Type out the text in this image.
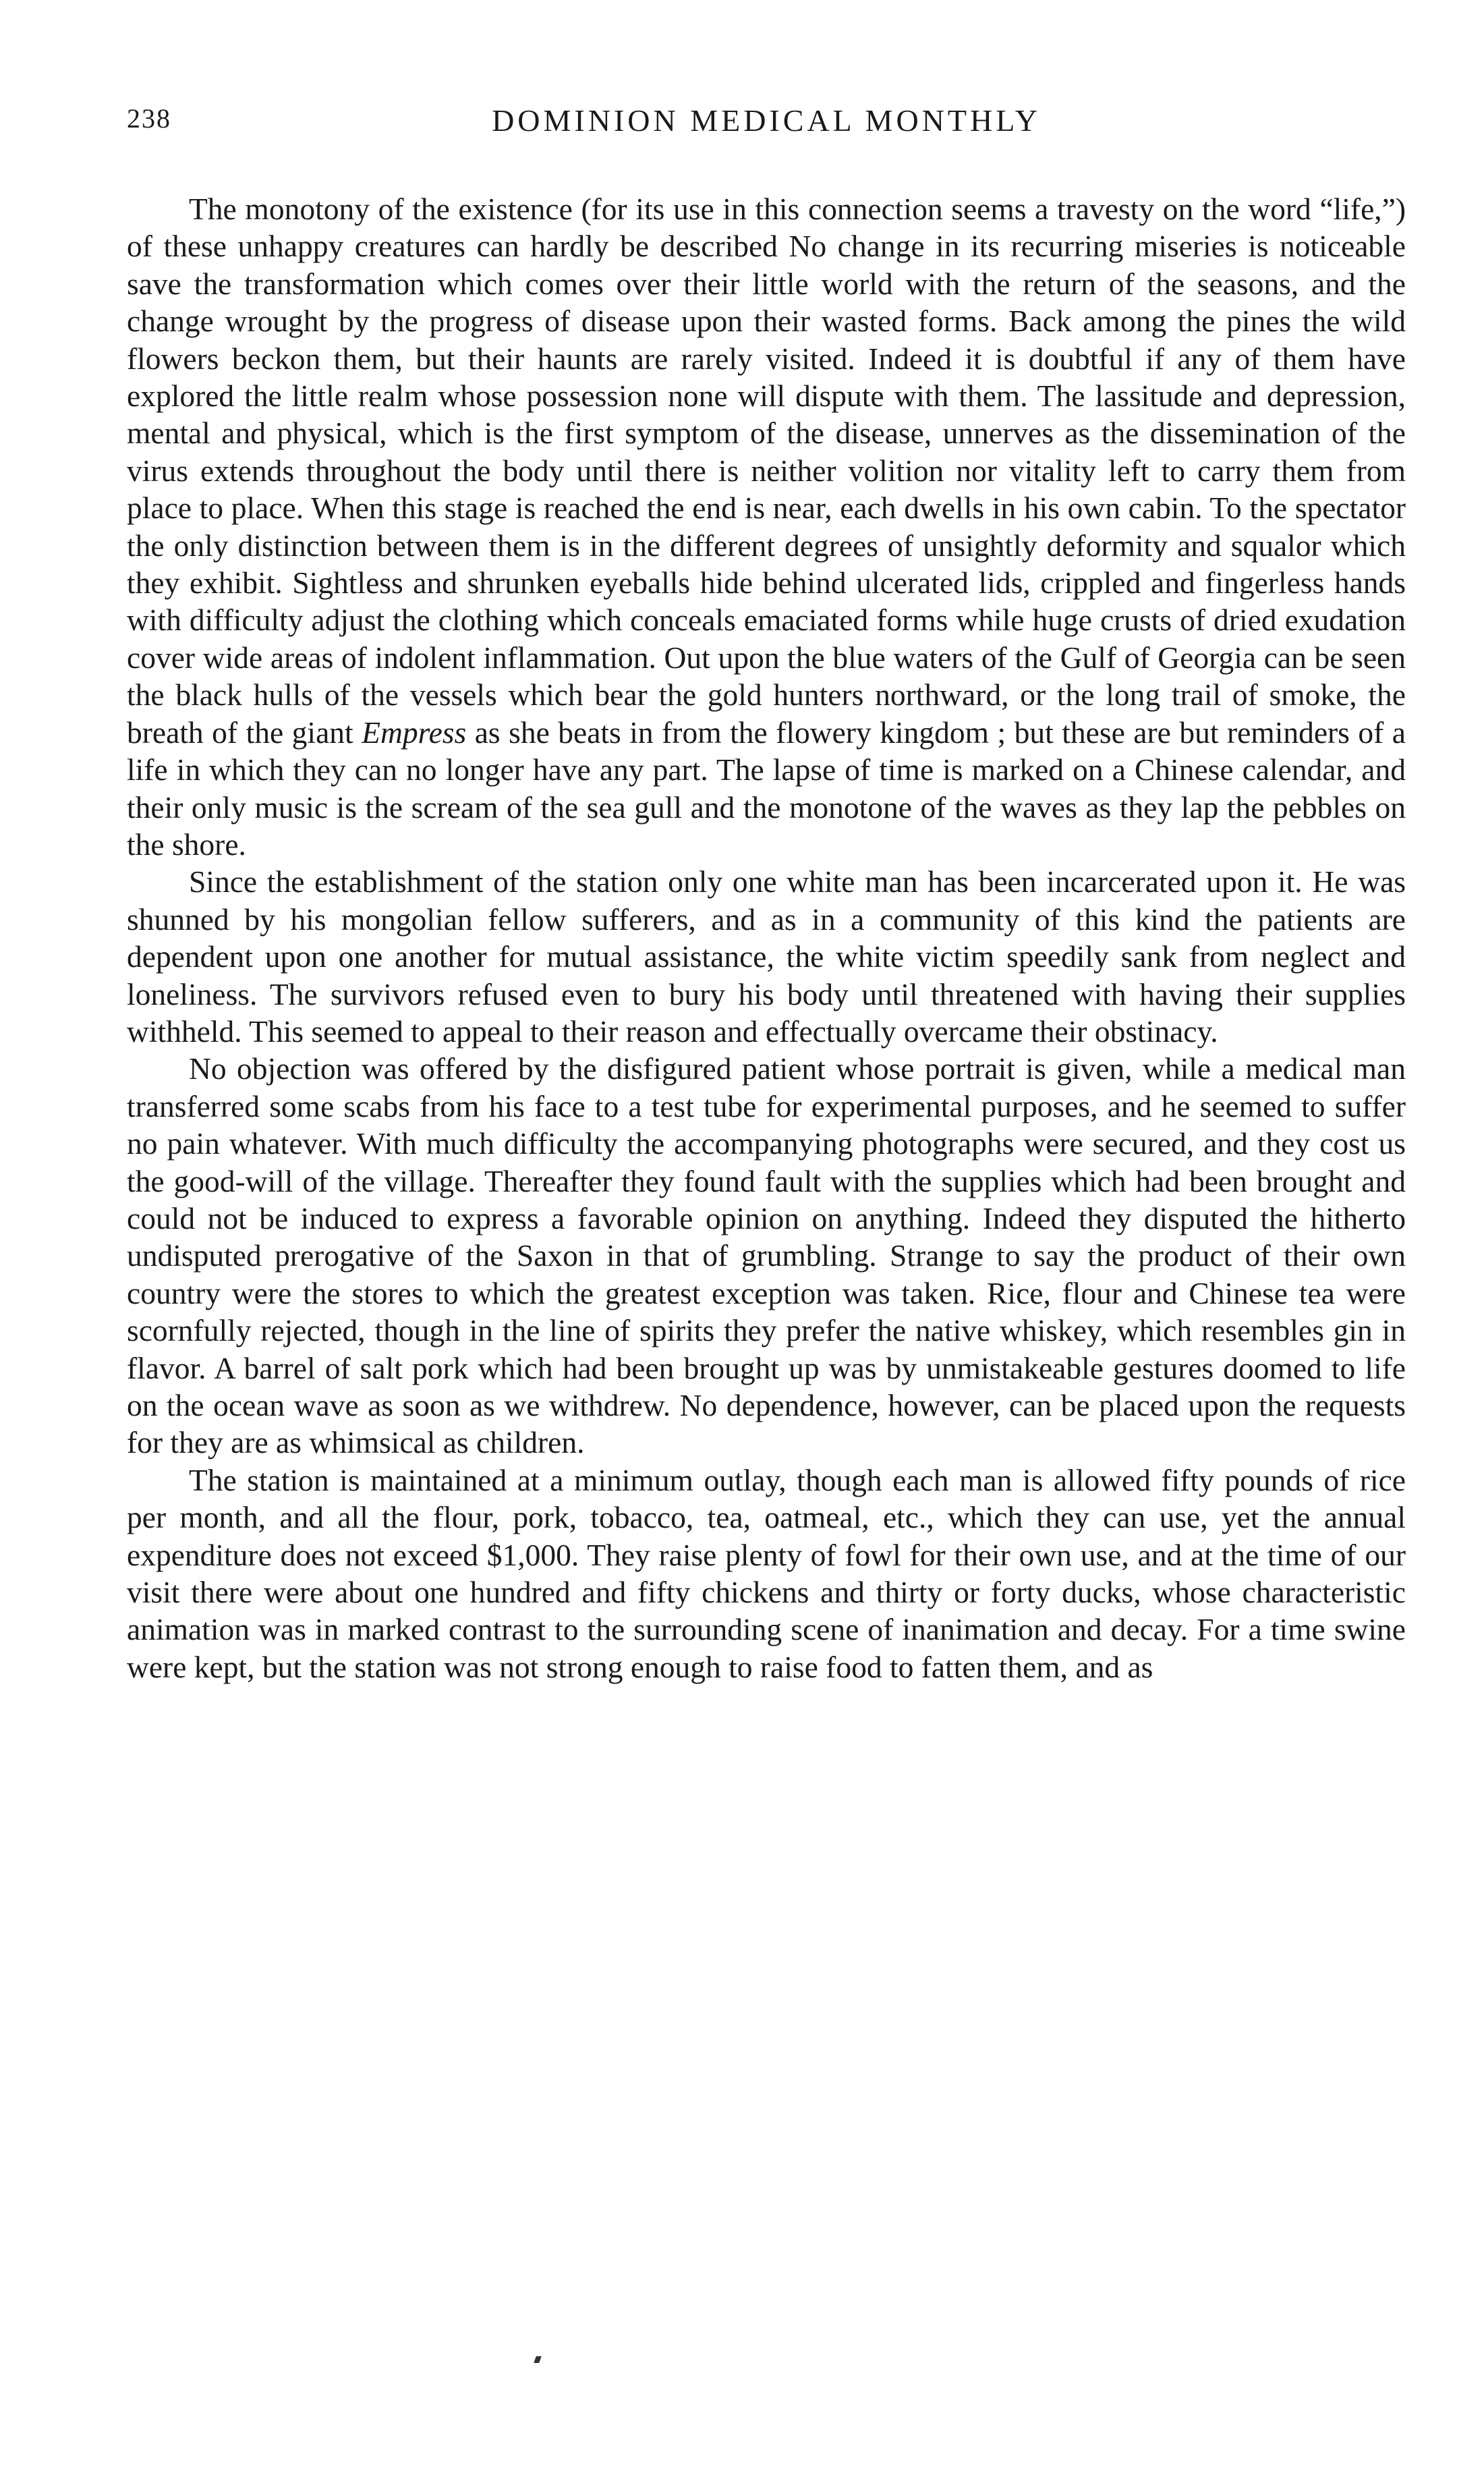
238	DOMINION MEDICAL MONTHLY

The monotony of the existence (for its use in this connection seems a travesty on the word “life,”) of these unhappy creatures can hardly be described No change in its recurring miseries is noticeable save the transformation which comes over their little world with the return of the seasons, and the change wrought by the progress of disease upon their wasted forms. Back among the pines the wild flowers beckon them, but their haunts are rarely visited. Indeed it is doubtful if any of them have explored the little realm whose possession none will dispute with them. The lassitude and depression, mental and physical, which is the first symptom of the disease, unnerves as the dissemination of the virus extends throughout the body until there is neither volition nor vitality left to carry them from place to place. When this stage is reached the end is near, each dwells in his own cabin. To the spectator the only distinction between them is in the different degrees of unsightly deformity and squalor which they exhibit. Sightless and shrunken eyeballs hide behind ulcerated lids, crippled and fingerless hands with difficulty adjust the clothing which conceals emaciated forms while huge crusts of dried exudation cover wide areas of indolent inflammation. Out upon the blue waters of the Gulf of Georgia can be seen the black hulls of the vessels which bear the gold hunters northward, or the long trail of smoke, the breath of the giant Empress as she beats in from the flowery kingdom ; but these are but reminders of a life in which they can no longer have any part. The lapse of time is marked on a Chinese calendar, and their only music is the scream of the sea gull and the monotone of the waves as they lap the pebbles on the shore.

Since the establishment of the station only one white man has been incarcerated upon it. He was shunned by his mongolian fellow sufferers, and as in a community of this kind the patients are dependent upon one another for mutual assistance, the white victim speedily sank from neglect and loneliness. The survivors refused even to bury his body until threatened with having their supplies withheld. This seemed to appeal to their reason and effectually overcame their obstinacy.

No objection was offered by the disfigured patient whose portrait is given, while a medical man transferred some scabs from his face to a test tube for experimental purposes, and he seemed to suffer no pain whatever. With much difficulty the accompanying photographs were secured, and they cost us the good-will of the village. Thereafter they found fault with the supplies which had been brought and could not be induced to express a favorable opinion on anything. Indeed they disputed the hitherto undisputed prerogative of the Saxon in that of grumbling. Strange to say the product of their own country were the stores to which the greatest exception was taken. Rice, flour and Chinese tea were scornfully rejected, though in the line of spirits they prefer the native whiskey, which resembles gin in flavor. A barrel of salt pork which had been brought up was by unmistakeable gestures doomed to life on the ocean wave as soon as we withdrew. No dependence, however, can be placed upon the requests for they are as whimsical as children.

The station is maintained at a minimum outlay, though each man is allowed fifty pounds of rice per month, and all the flour, pork, tobacco, tea, oatmeal, etc., which they can use, yet the annual expenditure does not exceed $1,000. They raise plenty of fowl for their own use, and at the time of our visit there were about one hundred and fifty chickens and thirty or forty ducks, whose characteristic animation was in marked contrast to the surrounding scene of inanimation and decay. For a time swine were kept, but the station was not strong enough to raise food to fatten them, and as
